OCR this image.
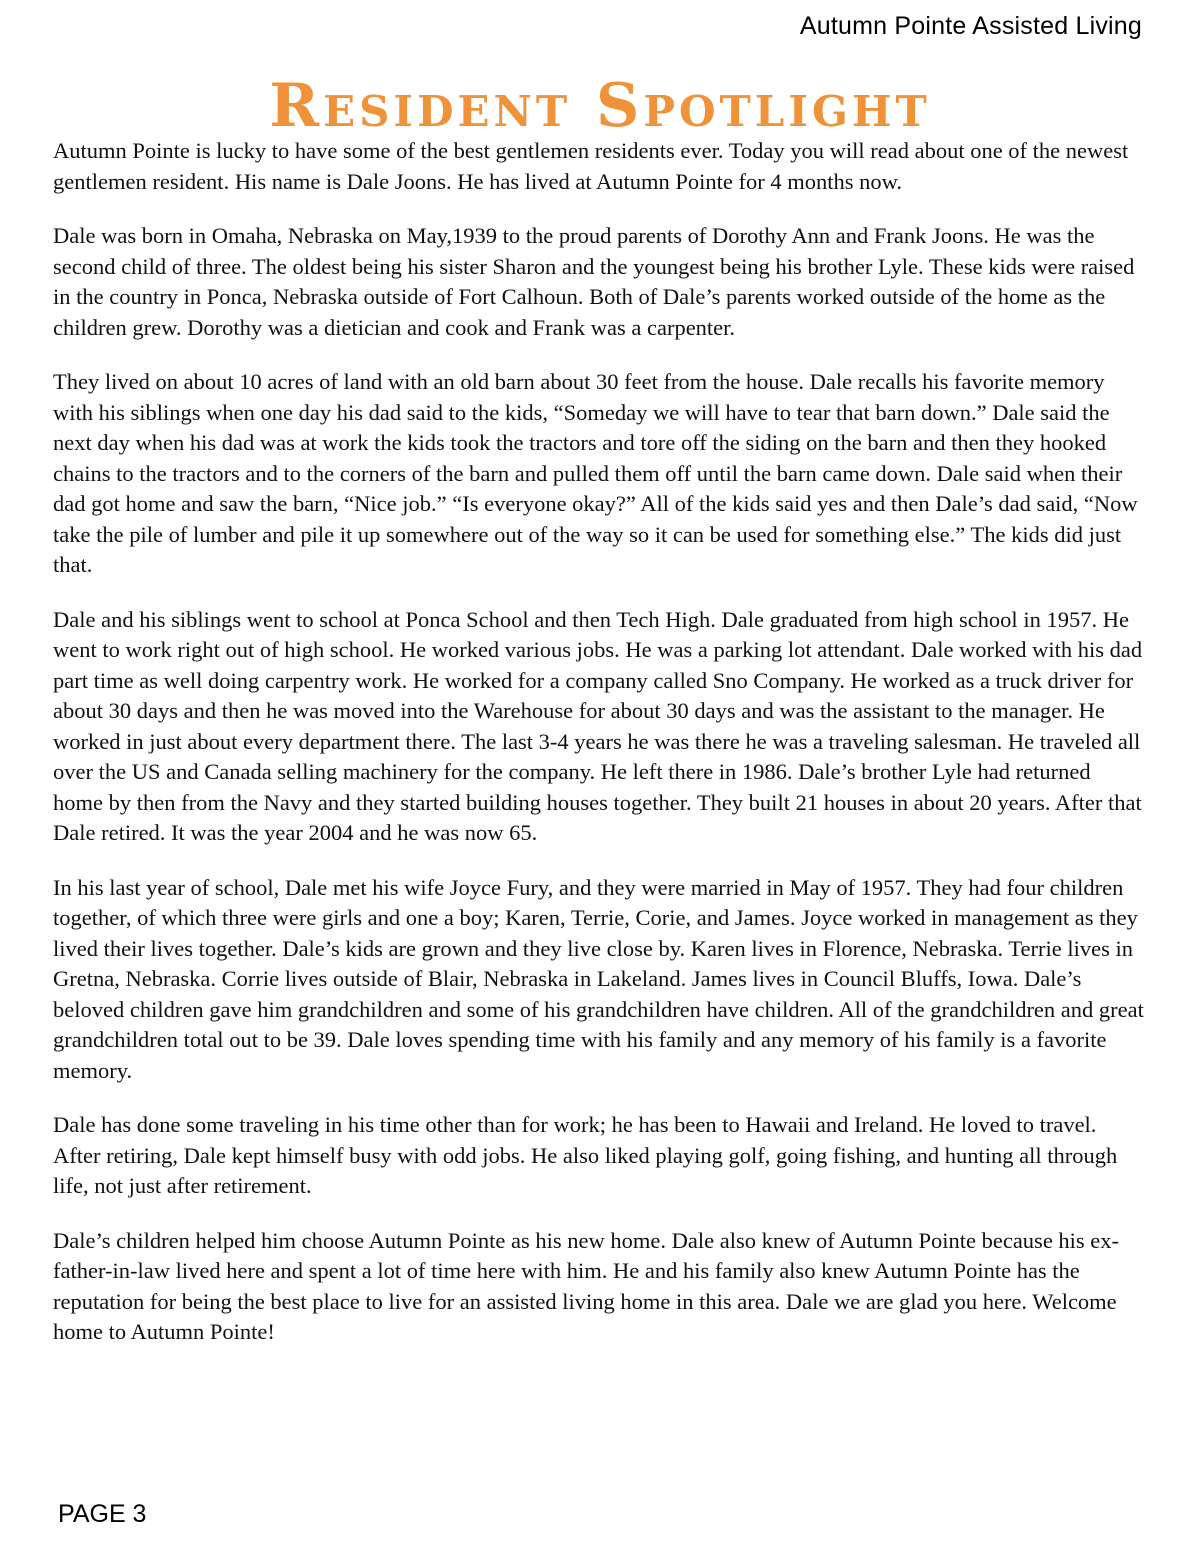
Autumn Pointe Assisted Living
Resident Spotlight

Autumn Pointe is lucky to have some of the best gentlemen residents ever. Today you will read about one of the newest gentlemen resident. His name is Dale Joons. He has lived at Autumn Pointe for 4 months now.

Dale was born in Omaha, Nebraska on May,1939 to the proud parents of Dorothy Ann and Frank Joons. He was the second child of three. The oldest being his sister Sharon and the youngest being his brother Lyle. These kids were raised in the country in Ponca, Nebraska outside of Fort Calhoun. Both of Dale’s parents worked outside of the home as the children grew. Dorothy was a dietician and cook and Frank was a carpenter.

They lived on about 10 acres of land with an old barn about 30 feet from the house. Dale recalls his favorite memory with his siblings when one day his dad said to the kids, “Someday we will have to tear that barn down.” Dale said the next day when his dad was at work the kids took the tractors and tore off the siding on the barn and then they hooked chains to the tractors and to the corners of the barn and pulled them off until the barn came down. Dale said when their dad got home and saw the barn, “Nice job.” “Is everyone okay?” All of the kids said yes and then Dale’s dad said, “Now take the pile of lumber and pile it up somewhere out of the way so it can be used for something else.” The kids did just that.

Dale and his siblings went to school at Ponca School and then Tech High. Dale graduated from high school in 1957. He went to work right out of high school. He worked various jobs. He was a parking lot attendant. Dale worked with his dad part time as well doing carpentry work. He worked for a company called Sno Company. He worked as a truck driver for about 30 days and then he was moved into the Warehouse for about 30 days and was the assistant to the manager. He worked in just about every department there. The last 3-4 years he was there he was a traveling salesman. He traveled all over the US and Canada selling machinery for the company. He left there in 1986. Dale’s brother Lyle had returned home by then from the Navy and they started building houses together. They built 21 houses in about 20 years. After that Dale retired. It was the year 2004 and he was now 65.

In his last year of school, Dale met his wife Joyce Fury, and they were married in May of 1957. They had four children together, of which three were girls and one a boy; Karen, Terrie, Corie, and James. Joyce worked in management as they lived their lives together. Dale’s kids are grown and they live close by. Karen lives in Florence, Nebraska. Terrie lives in Gretna, Nebraska. Corrie lives outside of Blair, Nebraska in Lakeland. James lives in Council Bluffs, Iowa. Dale’s beloved children gave him grandchildren and some of his grandchildren have children. All of the grandchildren and great grandchildren total out to be 39. Dale loves spending time with his family and any memory of his family is a favorite memory.

Dale has done some traveling in his time other than for work; he has been to Hawaii and Ireland. He loved to travel. After retiring, Dale kept himself busy with odd jobs. He also liked playing golf, going fishing, and hunting all through life, not just after retirement.

Dale’s children helped him choose Autumn Pointe as his new home. Dale also knew of Autumn Pointe because his ex-father-in-law lived here and spent a lot of time here with him. He and his family also knew Autumn Pointe has the reputation for being the best place to live for an assisted living home in this area. Dale we are glad you here. Welcome home to Autumn Pointe!

PAGE 3
